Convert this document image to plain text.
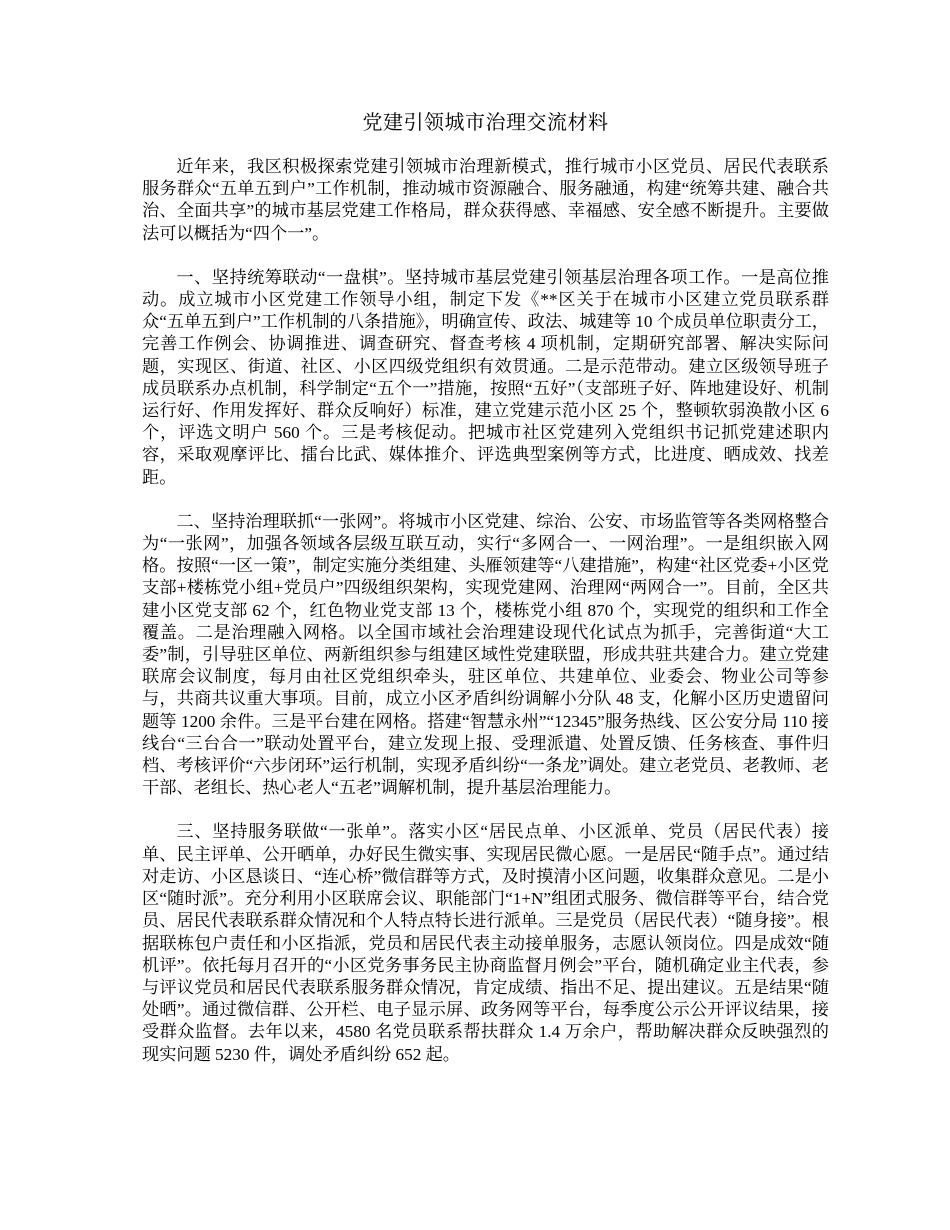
党建引领城市治理交流材料

近年来，我区积极探索党建引领城市治理新模式，推行城市小区党员、居民代表联系服务群众“五单五到户”工作机制，推动城市资源融合、服务融通，构建“统筹共建、融合共治、全面共享”的城市基层党建工作格局，群众获得感、幸福感、安全感不断提升。主要做法可以概括为“四个一”。

一、坚持统筹联动“一盘棋”。坚持城市基层党建引领基层治理各项工作。一是高位推动。成立城市小区党建工作领导小组，制定下发《**区关于在城市小区建立党员联系群众“五单五到户”工作机制的八条措施》，明确宣传、政法、城建等 10 个成员单位职责分工，完善工作例会、协调推进、调查研究、督查考核 4 项机制，定期研究部署、解决实际问题，实现区、街道、社区、小区四级党组织有效贯通。二是示范带动。建立区级领导班子成员联系办点机制，科学制定“五个一”措施，按照“五好”（支部班子好、阵地建设好、机制运行好、作用发挥好、群众反响好）标准，建立党建示范小区 25 个，整顿软弱涣散小区 6 个，评选文明户 560 个。三是考核促动。把城市社区党建列入党组织书记抓党建述职内容，采取观摩评比、擂台比武、媒体推介、评选典型案例等方式，比进度、晒成效、找差距。

二、坚持治理联抓“一张网”。将城市小区党建、综治、公安、市场监管等各类网格整合为“一张网”，加强各领域各层级互联互动，实行“多网合一、一网治理”。一是组织嵌入网格。按照“一区一策”，制定实施分类组建、头雁领建等“八建措施”，构建“社区党委+小区党支部+楼栋党小组+党员户”四级组织架构，实现党建网、治理网“两网合一”。目前，全区共建小区党支部 62 个，红色物业党支部 13 个，楼栋党小组 870 个，实现党的组织和工作全覆盖。二是治理融入网格。以全国市域社会治理建设现代化试点为抓手，完善街道“大工委”制，引导驻区单位、两新组织参与组建区域性党建联盟，形成共驻共建合力。建立党建联席会议制度，每月由社区党组织牵头，驻区单位、共建单位、业委会、物业公司等参与，共商共议重大事项。目前，成立小区矛盾纠纷调解小分队 48 支，化解小区历史遗留问题等 1200 余件。三是平台建在网格。搭建“智慧永州”“12345”服务热线、区公安分局 110 接线台“三台合一”联动处置平台，建立发现上报、受理派遣、处置反馈、任务核查、事件归档、考核评价“六步闭环”运行机制，实现矛盾纠纷“一条龙”调处。建立老党员、老教师、老干部、老组长、热心老人“五老”调解机制，提升基层治理能力。

三、坚持服务联做“一张单”。落实小区“居民点单、小区派单、党员（居民代表）接单、民主评单、公开晒单，办好民生微实事、实现居民微心愿。一是居民“随手点”。通过结对走访、小区恳谈日、“连心桥”微信群等方式，及时摸清小区问题，收集群众意见。二是小区“随时派”。充分利用小区联席会议、职能部门“1+N”组团式服务、微信群等平台，结合党员、居民代表联系群众情况和个人特点特长进行派单。三是党员（居民代表）“随身接”。根据联栋包户责任和小区指派，党员和居民代表主动接单服务，志愿认领岗位。四是成效“随机评”。依托每月召开的“小区党务事务民主协商监督月例会”平台，随机确定业主代表，参与评议党员和居民代表联系服务群众情况，肯定成绩、指出不足、提出建议。五是结果“随处晒”。通过微信群、公开栏、电子显示屏、政务网等平台，每季度公示公开评议结果，接受群众监督。去年以来，4580 名党员联系帮扶群众 1.4 万余户，帮助解决群众反映强烈的现实问题 5230 件，调处矛盾纠纷 652 起。
